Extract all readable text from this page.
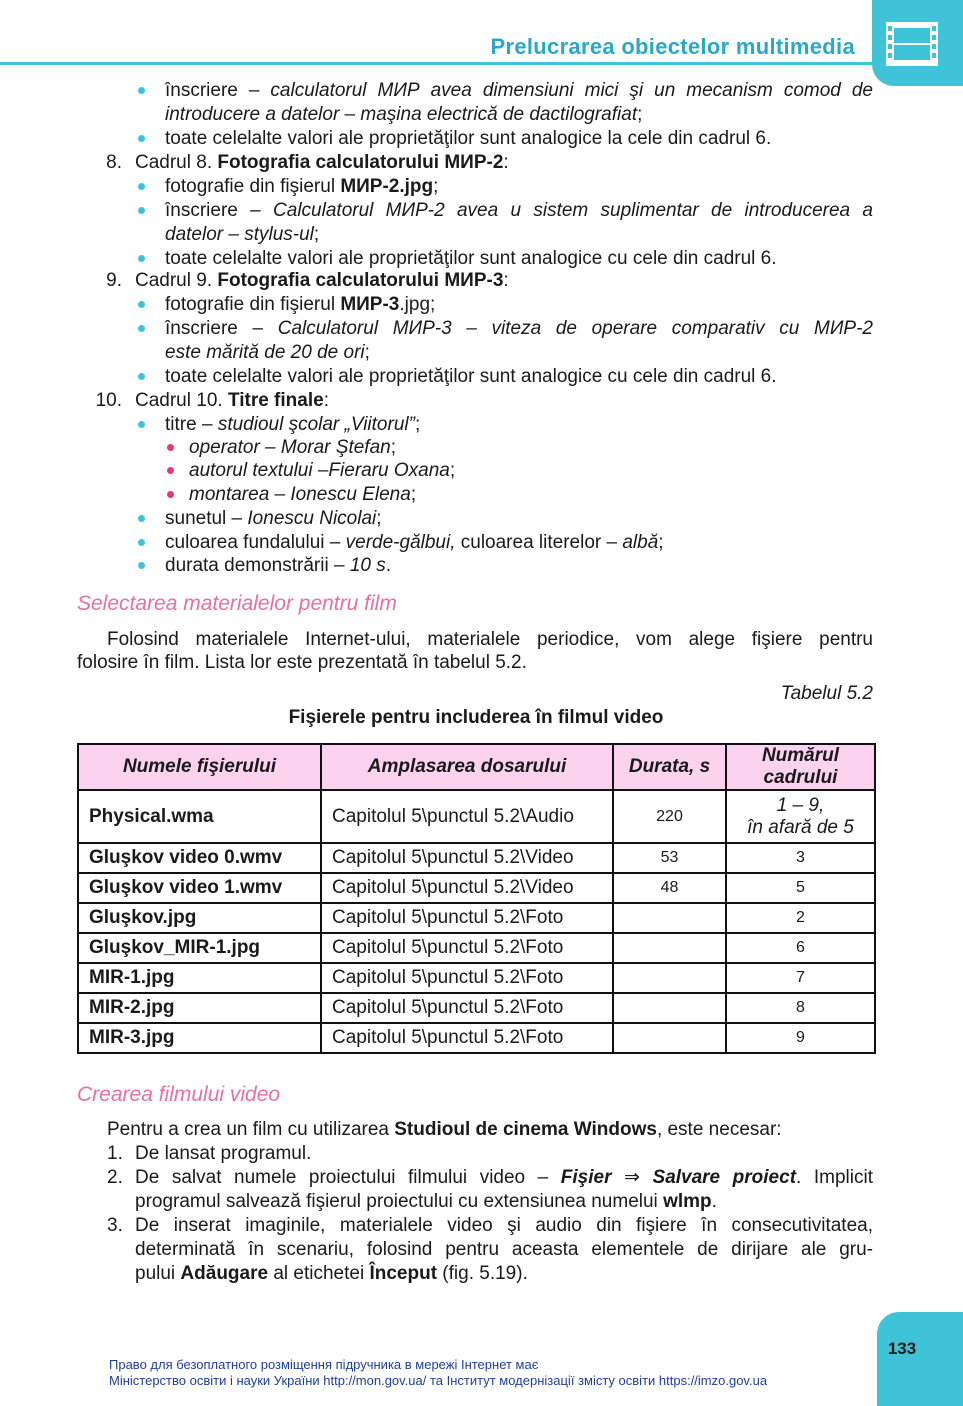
Prelucrarea obiectelor multimedia
înscriere – calculatorul МИР avea dimensiuni mici şi un mecanism comod de
introducere a datelor – maşina electrică de dactilografiat;
toate celelalte valori ale proprietăţilor sunt analogice la cele din cadrul 6.
8. Cadrul 8. Fotografia calculatorului МИР-2:
fotografie din fişierul МИР-2.jpg;
înscriere – Calculatorul МИР-2 avea u sistem suplimentar de introducerea a
datelor – stylus-ul;
toate celelalte valori ale proprietăţilor sunt analogice cu cele din cadrul 6.
9. Cadrul 9. Fotografia calculatorului МИР-3:
fotografie din fişierul МИР-3.jpg;
înscriere – Calculatorul МИР-3 – viteza de operare comparativ cu МИР-2
este mărită de 20 de ori;
toate celelalte valori ale proprietăţilor sunt analogice cu cele din cadrul 6.
10. Cadrul 10. Titre finale:
titre – studioul şcolar „Viitorul”;
operator – Morar Ştefan;
autorul textului –Fieraru Oxana;
montarea – Ionescu Elena;
sunetul – Ionescu Nicolai;
culoarea fundalului – verde-gălbui, culoarea literelor – albă;
durata demonstrării – 10 s.
Selectarea materialelor pentru film
Folosind materialele Internet-ului, materialele periodice, vom alege fişiere pentru
folosire în film. Lista lor este prezentată în tabelul 5.2.
Tabelul 5.2
Fişierele pentru includerea în filmul video
Numele fişierului	Amplasarea dosarului	Durata, s	Numărul cadrului
Physical.wma	Capitolul 5\punctul 5.2\Audio	220	1 – 9,
în afară de 5
Gluşkov video 0.wmv	Capitolul 5\punctul 5.2\Video	53	3
Gluşkov video 1.wmv	Capitolul 5\punctul 5.2\Video	48	5
Gluşkov.jpg	Capitolul 5\punctul 5.2\Foto		2
Gluşkov_MIR-1.jpg	Capitolul 5\punctul 5.2\Foto		6
MIR-1.jpg	Capitolul 5\punctul 5.2\Foto		7
MIR-2.jpg	Capitolul 5\punctul 5.2\Foto		8
MIR-3.jpg	Capitolul 5\punctul 5.2\Foto		9
Crearea filmului video
Pentru a crea un film cu utilizarea Studioul de cinema Windows, este necesar:
1. De lansat programul.
2. De salvat numele proiectului filmului video – Fişier ⇒ Salvare proiect. Implicit
programul salvează fişierul proiectului cu extensiunea numelui wlmp.
3. De inserat imaginile, materialele video şi audio din fişiere în consecutivitatea,
determinată în scenariu, folosind pentru aceasta elementele de dirijare ale gru-
pului Adăugare al etichetei Început (fig. 5.19).
133
Право для безоплатного розміщення підручника в мережі Інтернет має
Міністерство освіти і науки України http://mon.gov.ua/ та Інститут модернізації змісту освіти https://imzo.gov.ua
